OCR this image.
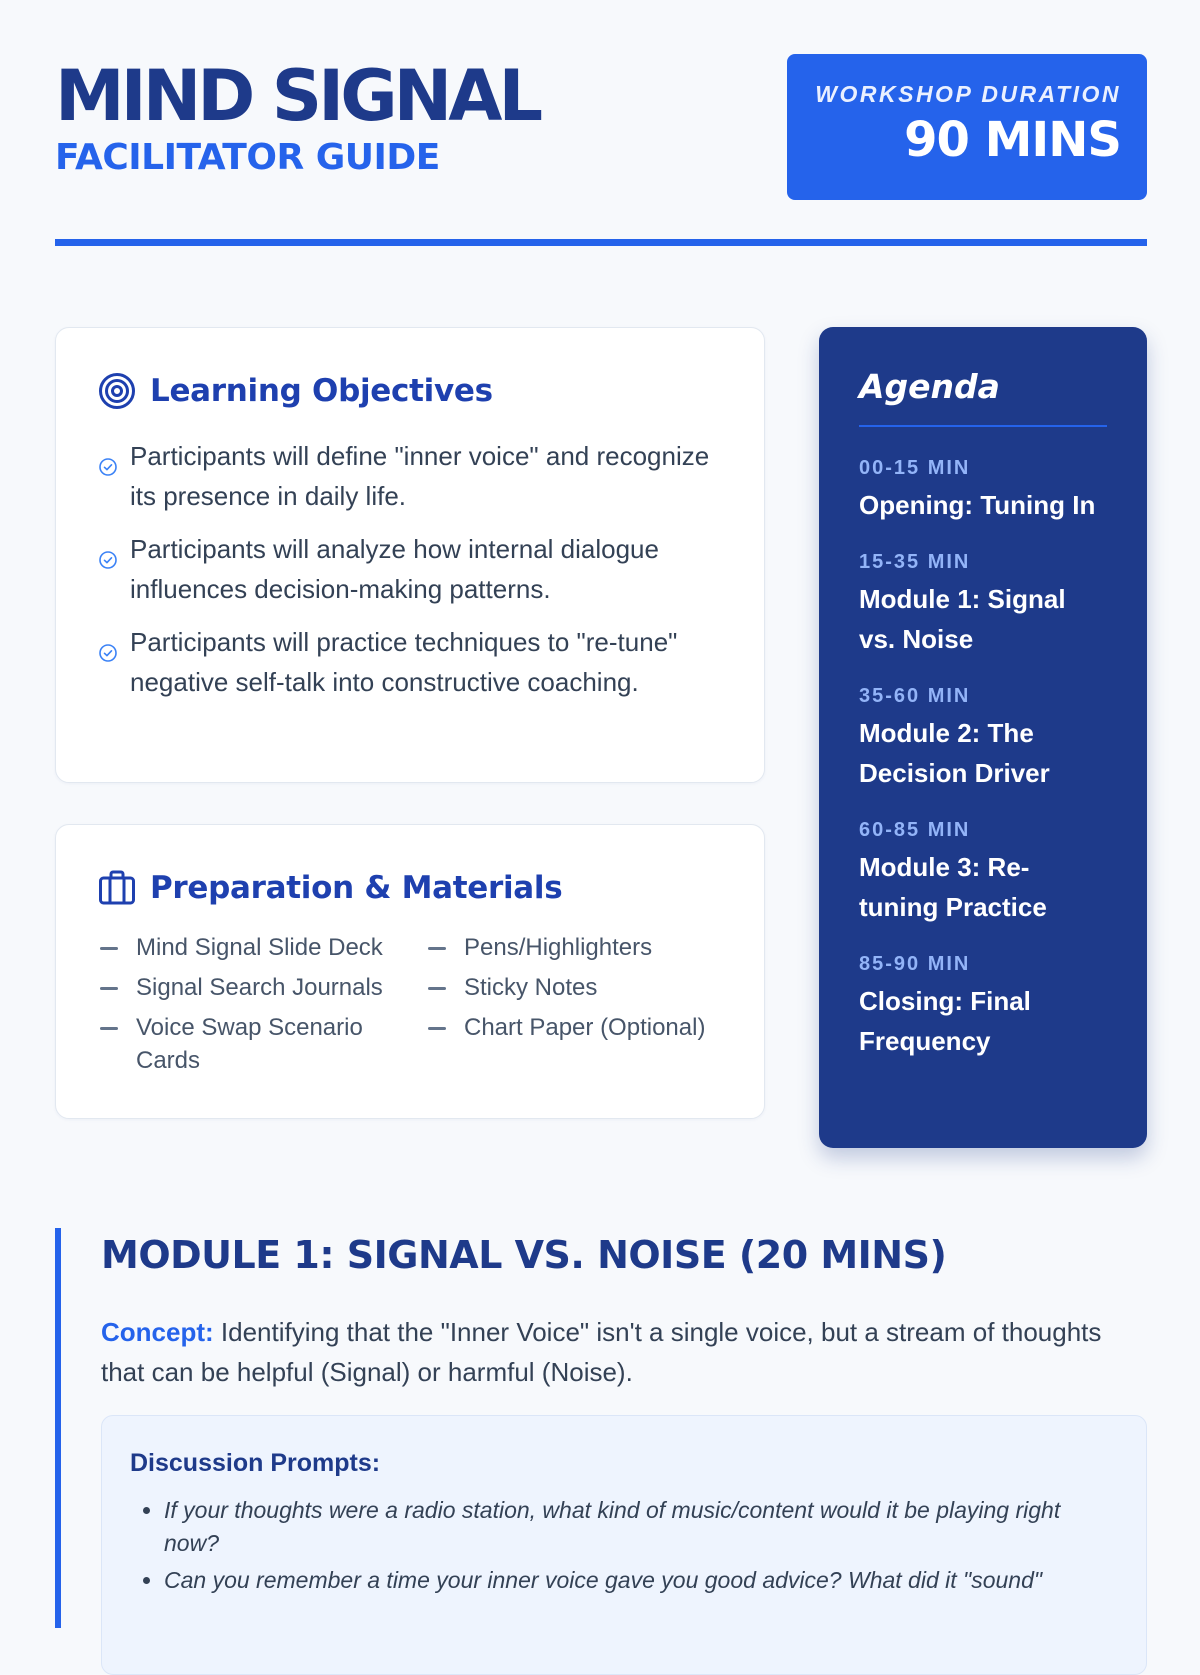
MIND SIGNAL
FACILITATOR GUIDE
WORKSHOP DURATION
90 MINS
Learning Objectives
Participants will define "inner voice" and recognize its presence in daily life.
Participants will analyze how internal dialogue influences decision-making patterns.
Participants will practice techniques to "re-tune" negative self-talk into constructive coaching.
Preparation & Materials
Mind Signal Slide Deck
Signal Search Journals
Voice Swap Scenario Cards
Pens/Highlighters
Sticky Notes
Chart Paper (Optional)
Agenda
00-15 MIN
Opening: Tuning In
15-35 MIN
Module 1: Signal vs. Noise
35-60 MIN
Module 2: The Decision Driver
60-85 MIN
Module 3: Re-tuning Practice
85-90 MIN
Closing: Final Frequency
MODULE 1: SIGNAL VS. NOISE (20 MINS)

Concept: Identifying that the "Inner Voice" isn't a single voice, but a stream of thoughts that can be helpful (Signal) or harmful (Noise).

Discussion Prompts:
• If your thoughts were a radio station, what kind of music/content would it be playing right now?
• Can you remember a time your inner voice gave you good advice? What did it "sound"
